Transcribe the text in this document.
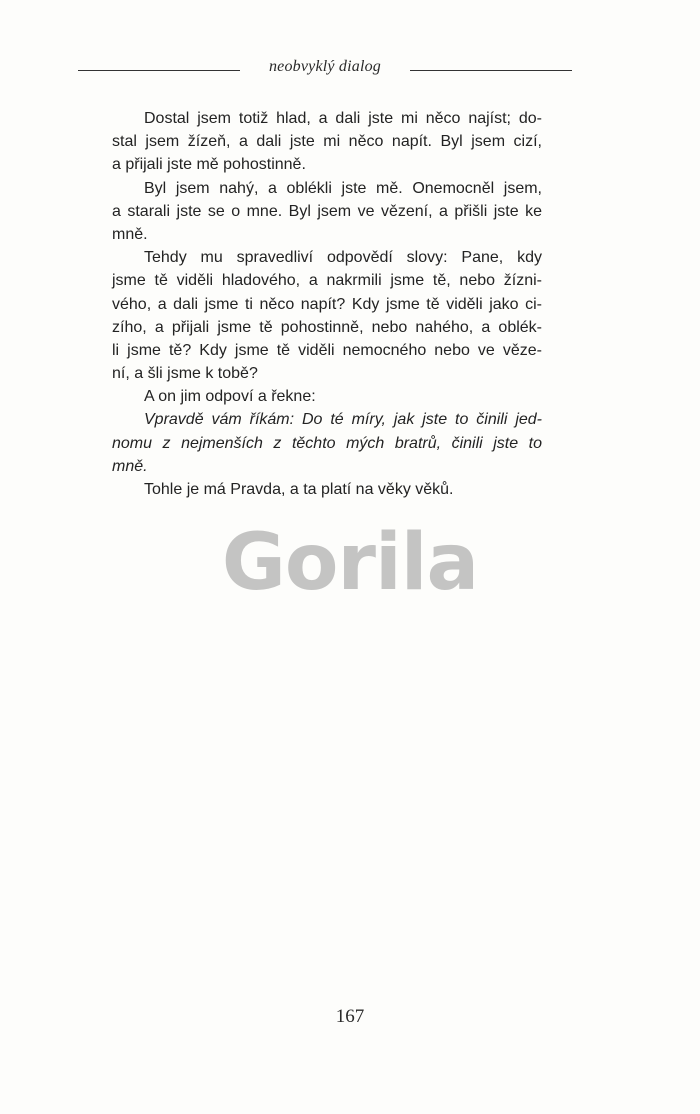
neobvyklý dialog
Dostal jsem totiž hlad, a dali jste mi něco najíst; do-
stal jsem žízeň, a dali jste mi něco napít. Byl jsem cizí,
a přijali jste mě pohostinně.
Byl jsem nahý, a oblékli jste mě. Onemocněl jsem,
a starali jste se o mne. Byl jsem ve vězení, a přišli jste ke
mně.
Tehdy mu spravedliví odpovědí slovy: Pane, kdy
jsme tě viděli hladového, a nakrmili jsme tě, nebo žízni-
vého, a dali jsme ti něco napít? Kdy jsme tě viděli jako ci-
zího, a přijali jsme tě pohostinně, nebo nahého, a oblék-
li jsme tě? Kdy jsme tě viděli nemocného nebo ve věze-
ní, a šli jsme k tobě?
A on jim odpoví a řekne:
Vpravdě vám říkám: Do té míry, jak jste to činili jed-
nomu z nejmenších z těchto mých bratrů, činili jste to
mně.
Tohle je má Pravda, a ta platí na věky věků.
Gorila
167
